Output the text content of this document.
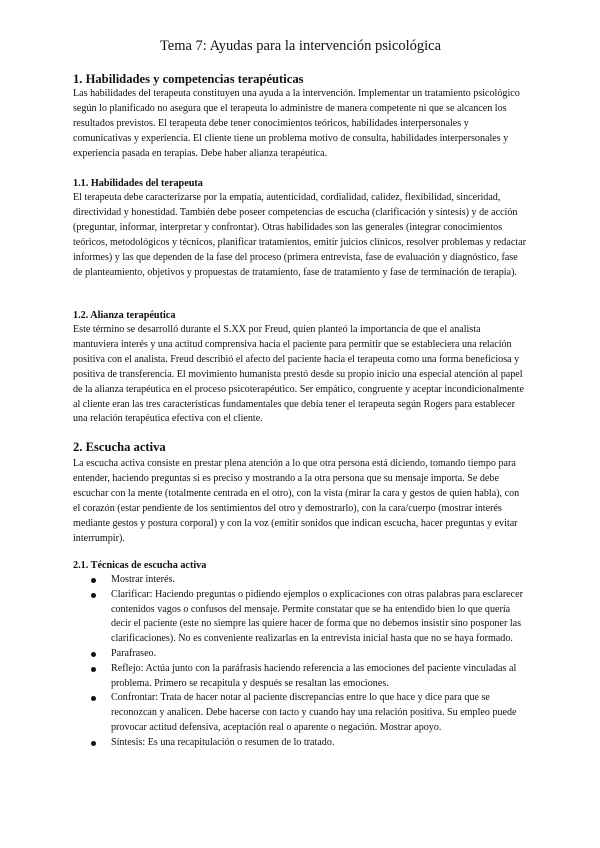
Tema 7: Ayudas para la intervención psicológica
1. Habilidades y competencias terapéuticas
Las habilidades del terapeuta constituyen una ayuda a la intervención. Implementar un tratamiento psicológico según lo planificado no asegura que el terapeuta lo administre de manera competente ni que se alcancen los resultados previstos. El terapeuta debe tener conocimientos teóricos, habilidades interpersonales y comunicativas y experiencia. El cliente tiene un problema motivo de consulta, habilidades interpersonales y experiencia pasada en terapias. Debe haber alianza terapéutica.
1.1. Habilidades del terapeuta
El terapeuta debe caracterizarse por la empatía, autenticidad, cordialidad, calidez, flexibilidad, sinceridad, directividad y honestidad. También debe poseer competencias de escucha (clarificación y síntesis) y de acción (preguntar, informar, interpretar y confrontar). Otras habilidades son las generales (integrar conocimientos teóricos, metodológicos y técnicos, planificar tratamientos, emitir juicios clínicos, resolver problemas y redactar informes) y las que dependen de la fase del proceso (primera entrevista, fase de evaluación y diagnóstico, fase de planteamiento, objetivos y propuestas de tratamiento, fase de tratamiento y fase de terminación de terapia).
1.2. Alianza terapéutica
Este término se desarrolló durante el S.XX por Freud, quien planteó la importancia de que el analista mantuviera interés y una actitud comprensiva hacia el paciente para permitir que se estableciera una relación positiva con el analista. Freud describió el afecto del paciente hacia el terapeuta como una forma beneficiosa y positiva de transferencia. El movimiento humanista prestó desde su propio inicio una especial atención al papel de la alianza terapéutica en el proceso psicoterapéutico. Ser empático, congruente y aceptar incondicionalmente al cliente eran las tres características fundamentales que debía tener el terapeuta según Rogers para establecer una relación terapéutica efectiva con el cliente.
2. Escucha activa
La escucha activa consiste en prestar plena atención a lo que otra persona está diciendo, tomando tiempo para entender, haciendo preguntas si es preciso y mostrando a la otra persona que su mensaje importa. Se debe escuchar con la mente (totalmente centrada en el otro), con la vista (mirar la cara y gestos de quien habla), con el corazón (estar pendiente de los sentimientos del otro y demostrarlo), con la cara/cuerpo (mostrar interés mediante gestos y postura corporal) y con la voz (emitir sonidos que indican escucha, hacer preguntas y evitar interrumpir).
2.1. Técnicas de escucha activa
Mostrar interés.
Clarificar: Haciendo preguntas o pidiendo ejemplos o explicaciones con otras palabras para esclarecer contenidos vagos o confusos del mensaje. Permite constatar que se ha entendido bien lo que quería decir el paciente (este no siempre las quiere hacer de forma que no debemos insistir sino posponer las clarificaciones). No es conveniente realizarlas en la entrevista inicial hasta que no se haya formado.
Parafraseo.
Reflejo: Actúa junto con la paráfrasis haciendo referencia a las emociones del paciente vinculadas al problema. Primero se recapitula y después se resaltan las emociones.
Confrontar: Trata de hacer notar al paciente discrepancias entre lo que hace y dice para que se reconozcan y analicen. Debe hacerse con tacto y cuando hay una relación positiva. Su empleo puede provocar actitud defensiva, aceptación real o aparente o negación. Mostrar apoyo.
Síntesis: Es una recapitulación o resumen de lo tratado.
